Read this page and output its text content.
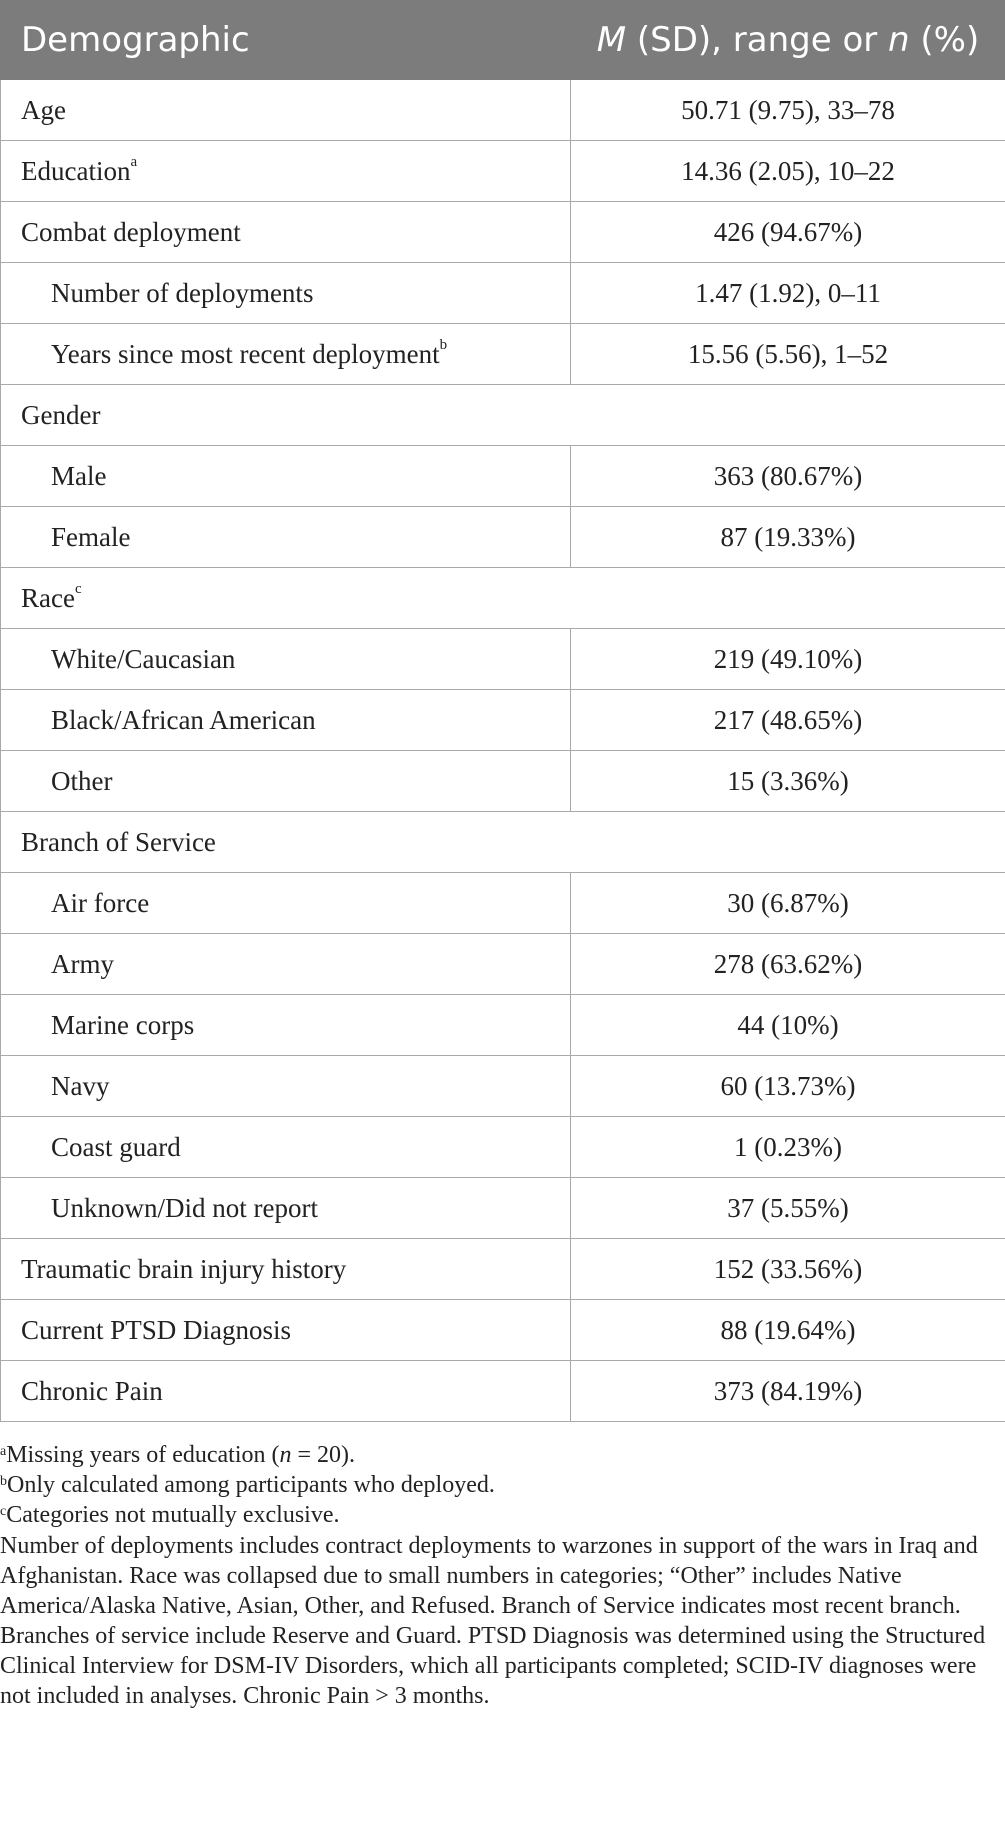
Demographic	M (SD), range or n (%)
Age	50.71 (9.75), 33–78
Education$^a$	14.36 (2.05), 10–22
Combat deployment	426 (94.67%)
Number of deployments	1.47 (1.92), 0–11
Years since most recent deployment$^b$	15.56 (5.56), 1–52
Gender	
Male	363 (80.67%)
Female	87 (19.33%)
Race$^c$
White/Caucasian	219 (49.10%)
Black/African American	217 (48.65%)
Other	15 (3.36%)
Branch of Service	
Air force	30 (6.87%)
Army	278 (63.62%)
Marine corps	44 (10%)
Navy	60 (13.73%)
Coast guard	1 (0.23%)
Unknown/Did not report	37 (5.55%)
Traumatic brain injury history	152 (33.56%)
Current PTSD Diagnosis	88 (19.64%)
Chronic Pain	373 (84.19%)

$^a$Missing years of education (n = 20).

$^b$Only calculated among participants who deployed.

$^c$Categories not mutually exclusive.

Number of deployments includes contract deployments to warzones in support of the wars in Iraq and Afghanistan. Race was collapsed due to small numbers in categories; “Other” includes Native America/Alaska Native, Asian, Other, and Refused. Branch of Service indicates most recent branch. Branches of service include Reserve and Guard. PTSD Diagnosis was determined using the Structured Clinical Interview for DSM-IV Disorders, which all participants completed; SCID-IV diagnoses were not included in analyses. Chronic Pain > 3 months.
